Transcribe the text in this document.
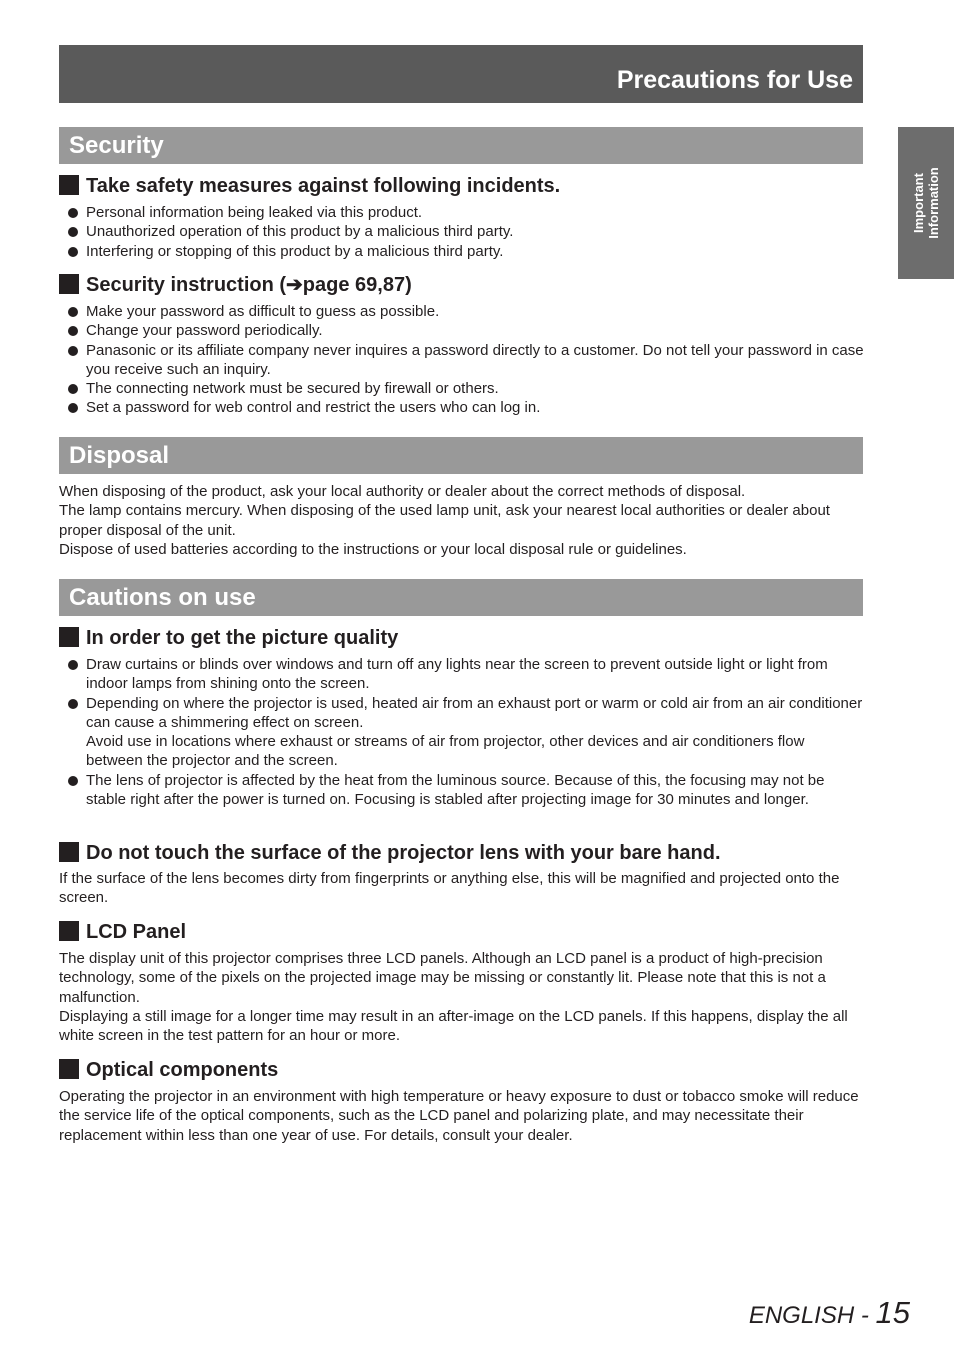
Precautions for Use
Important Information
Security
Take safety measures against following incidents.
Personal information being leaked via this product.
Unauthorized operation of this product by a malicious third party.
Interfering or stopping of this product by a malicious third party.
Security instruction (➔page 69,87)
Make your password as difficult to guess as possible.
Change your password periodically.
Panasonic or its affiliate company never inquires a password directly to a customer. Do not tell your password in case you receive such an inquiry.
The connecting network must be secured by firewall or others.
Set a password for web control and restrict the users who can log in.
Disposal
When disposing of the product, ask your local authority or dealer about the correct methods of disposal.
The lamp contains mercury. When disposing of the used lamp unit, ask your nearest local authorities or dealer about proper disposal of the unit.
Dispose of used batteries according to the instructions or your local disposal rule or guidelines.
Cautions on use
In order to get the picture quality
Draw curtains or blinds over windows and turn off any lights near the screen to prevent outside light or light from indoor lamps from shining onto the screen.
Depending on where the projector is used, heated air from an exhaust port or warm or cold air from an air conditioner can cause a shimmering effect on screen.
Avoid use in locations where exhaust or streams of air from projector, other devices and air conditioners flow between the projector and the screen.
The lens of projector is affected by the heat from the luminous source. Because of this, the focusing may not be stable right after the power is turned on. Focusing is stabled after projecting image for 30 minutes and longer.
Do not touch the surface of the projector lens with your bare hand.
If the surface of the lens becomes dirty from fingerprints or anything else, this will be magnified and projected onto the screen.
LCD Panel
The display unit of this projector comprises three LCD panels. Although an LCD panel is a product of high-precision technology, some of the pixels on the projected image may be missing or constantly lit. Please note that this is not a malfunction.
Displaying a still image for a longer time may result in an after-image on the LCD panels. If this happens, display the all white screen in the test pattern for an hour or more.
Optical components
Operating the projector in an environment with high temperature or heavy exposure to dust or tobacco smoke will reduce the service life of the optical components, such as the LCD panel and polarizing plate, and may necessitate their replacement within less than one year of use. For details, consult your dealer.
ENGLISH - 15
